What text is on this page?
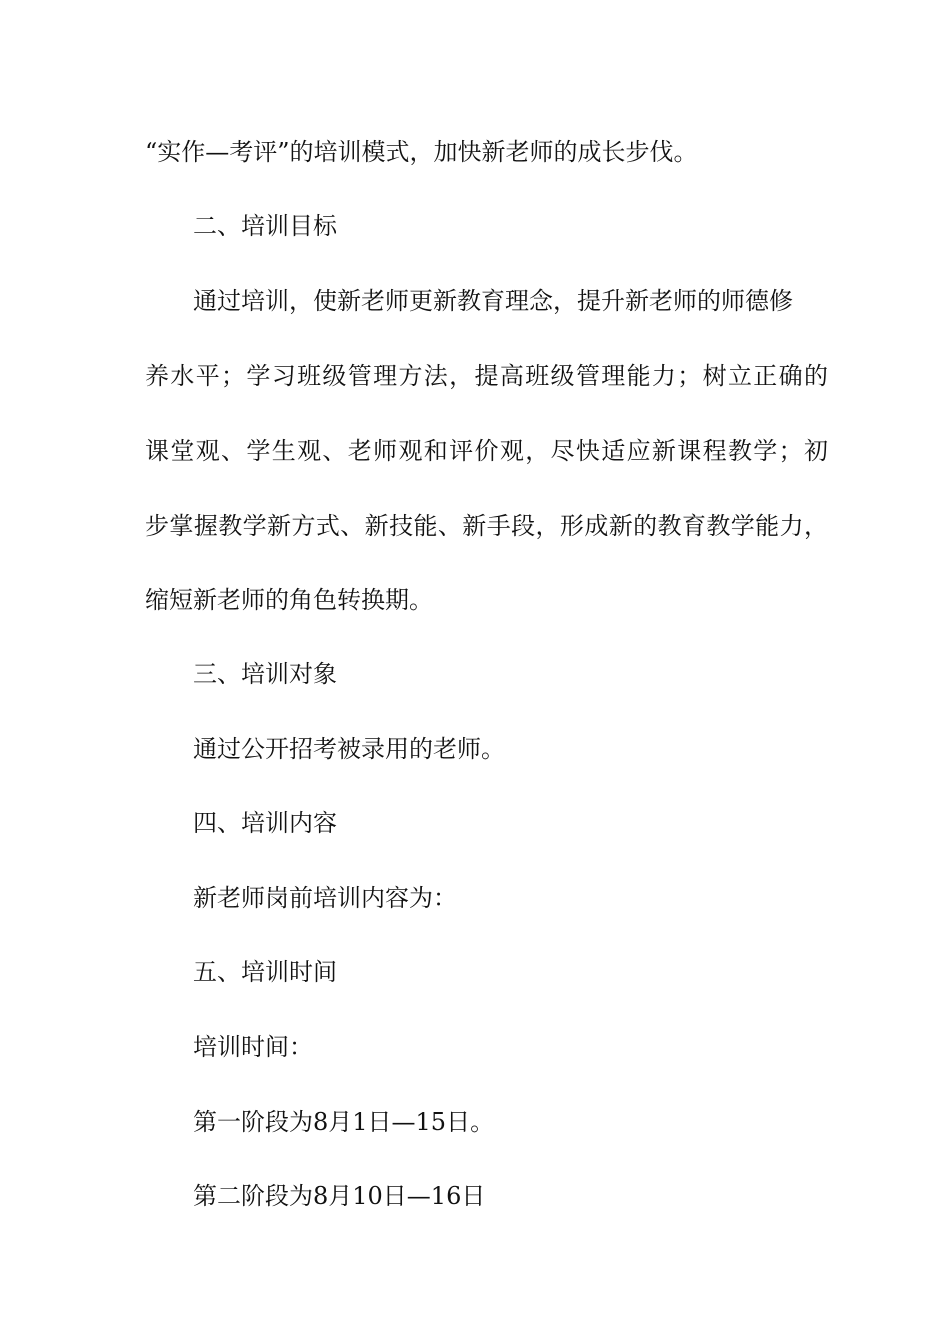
“实作—考评”的培训模式，加快新老师的成长步伐。
二、培训目标
通过培训，使新老师更新教育理念，提升新老师的师德修
养水平；学习班级管理方法，提高班级管理能力；树立正确的
课堂观、学生观、老师观和评价观，尽快适应新课程教学；初
步掌握教学新方式、新技能、新手段，形成新的教育教学能力，
缩短新老师的角色转换期。
三、培训对象
通过公开招考被录用的老师。
四、培训内容
新老师岗前培训内容为：
五、培训时间
培训时间：
第一阶段为8月1日—15日。
第二阶段为8月10日—16日
